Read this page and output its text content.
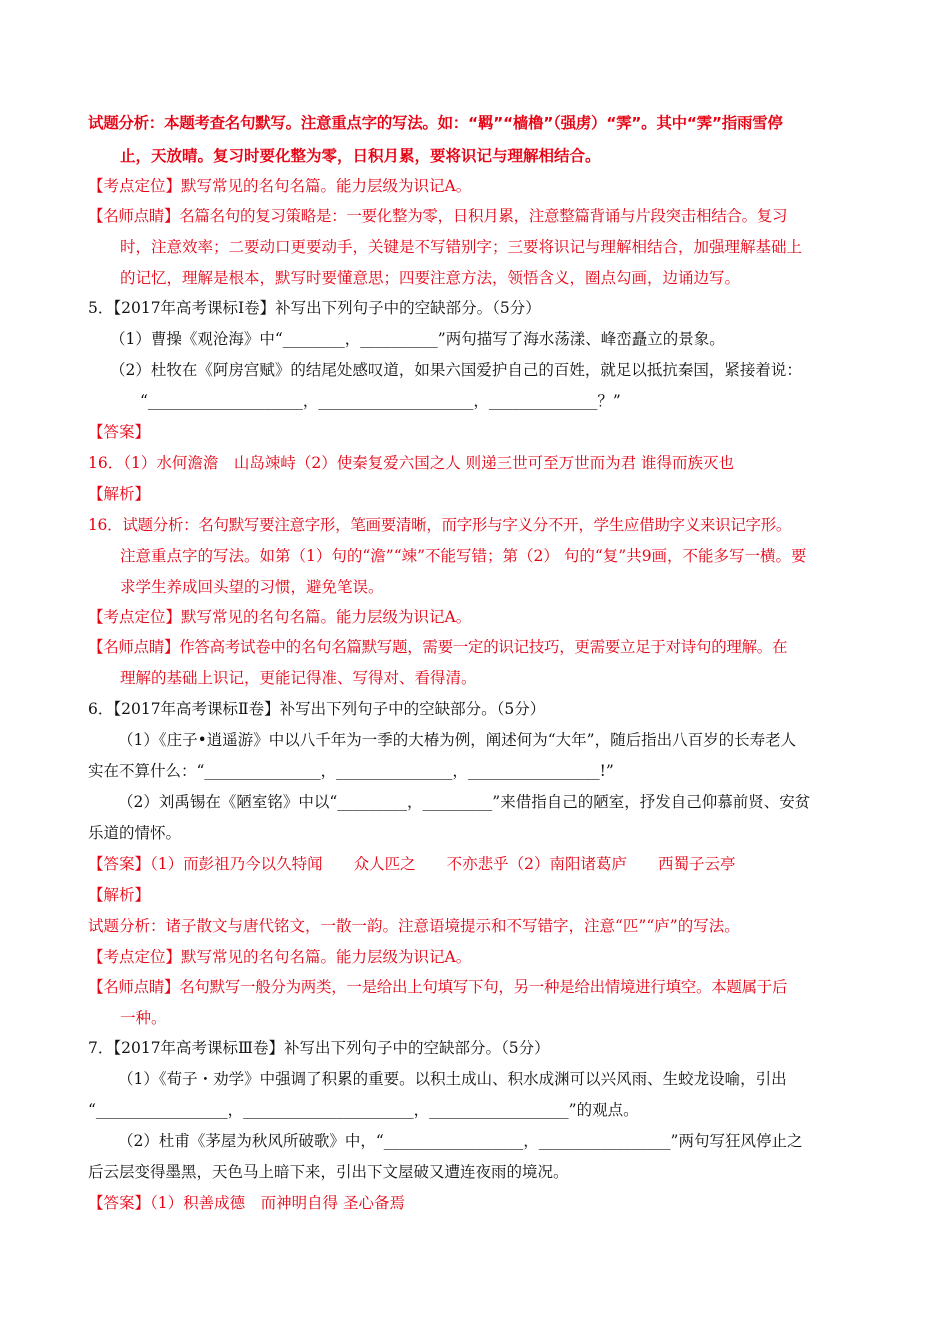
试题分析：本题考查名句默写。注意重点字的写法。如：“羁”“樯橹”（强虏）“霁”。其中“霁”指雨雪停
止，天放晴。复习时要化整为零，日积月累，要将识记与理解相结合。
【考点定位】默写常见的名句名篇。能力层级为识记A。
【名师点睛】名篇名句的复习策略是：一要化整为零，日积月累，注意整篇背诵与片段突击相结合。复习
时，注意效率；二要动口更要动手，关键是不写错别字；三要将识记与理解相结合，加强理解基础上
的记忆，理解是根本，默写时要懂意思；四要注意方法，领悟含义，圈点勾画，边诵边写。
5．【2017年高考课标Ⅰ卷】补写出下列句子中的空缺部分。（5分）
（1）曹操《观沧海》中“________，__________”两句描写了海水荡漾、峰峦矗立的景象。
（2）杜牧在《阿房宫赋》的结尾处感叹道，如果六国爱护自己的百姓，就足以抵抗秦国，紧接着说：
“____________________，____________________，______________？”
【答案】
16．（1）水何澹澹　山岛竦峙（2）使秦复爱六国之人 则递三世可至万世而为君 谁得而族灭也
【解析】
16．试题分析：名句默写要注意字形，笔画要清晰，而字形与字义分不开，学生应借助字义来识记字形。
注意重点字的写法。如第（1）句的“澹”“竦”不能写错；第（2） 句的“复”共9画，不能多写一横。要
求学生养成回头望的习惯，避免笔误。
【考点定位】默写常见的名句名篇。能力层级为识记A。
【名师点睛】作答高考试卷中的名句名篇默写题，需要一定的识记技巧，更需要立足于对诗句的理解。在
理解的基础上识记，更能记得准、写得对、看得清。
6．【2017年高考课标Ⅱ卷】补写出下列句子中的空缺部分。（5分）
（1）《庄子•逍遥游》中以八千年为一季的大椿为例，阐述何为“大年”，随后指出八百岁的长寿老人
实在不算什么：“_______________，_______________，_________________!”
（2）刘禹锡在《陋室铭》中以“_________，_________”来借指自己的陋室，抒发自己仰慕前贤、安贫
乐道的情怀。
【答案】（1）而彭祖乃今以久特闻　　众人匹之　　不亦悲乎（2）南阳诸葛庐　　西蜀子云亭
【解析】
试题分析：诸子散文与唐代铭文，一散一韵。注意语境提示和不写错字，注意“匹”“庐”的写法。
【考点定位】默写常见的名句名篇。能力层级为识记A。
【名师点睛】名句默写一般分为两类，一是给出上句填写下句，另一种是给出情境进行填空。本题属于后
一种。
7．【2017年高考课标Ⅲ卷】补写出下列句子中的空缺部分。（5分）
（1）《荀子・劝学》中强调了积累的重要。以积土成山、积水成渊可以兴风雨、生蛟龙设喻，引出
“_________________，______________________，__________________”的观点。
（2）杜甫《茅屋为秋风所破歌》中，“__________________，_________________”两句写狂风停止之
后云层变得墨黑，天色马上暗下来，引出下文屋破又遭连夜雨的境况。
【答案】（1）积善成德　而神明自得 圣心备焉
